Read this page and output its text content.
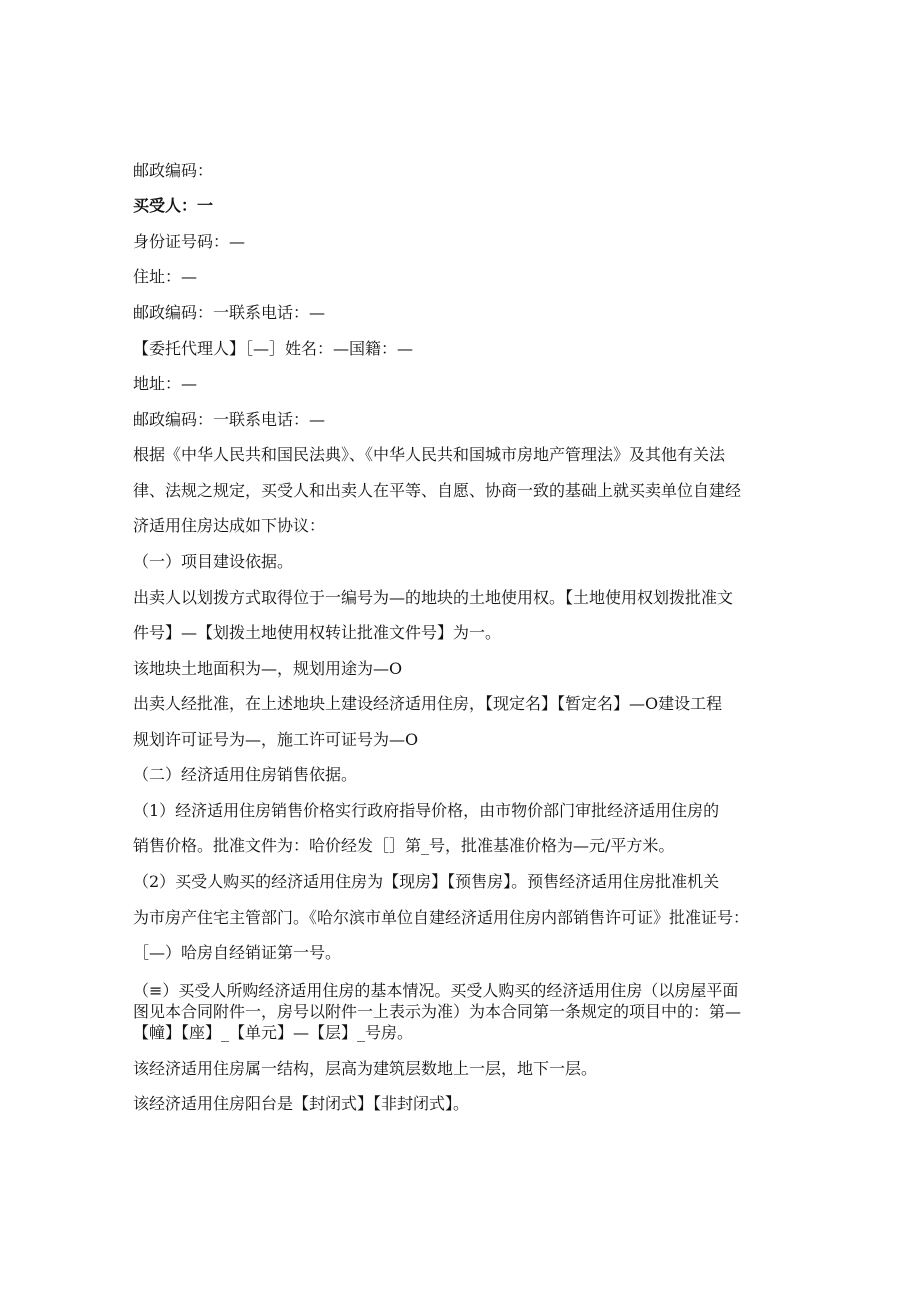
邮政编码：
买受人：一
身份证号码：—
住址：—
邮政编码：一联系电话：—
【委托代理人】［—］姓名：—国籍：—
地址：—
邮政编码：一联系电话：—
根据《中华人民共和国民法典》、《中华人民共和国城市房地产管理法》及其他有关法
律、法规之规定，买受人和出卖人在平等、自愿、协商一致的基础上就买卖单位自建经
济适用住房达成如下协议：
（一）项目建设依据。
出卖人以划拨方式取得位于一编号为—的地块的土地使用权。【土地使用权划拨批准文
件号】—【划拨土地使用权转让批准文件号】为一。
该地块土地面积为—，规划用途为—O
出卖人经批准，在上述地块上建设经济适用住房，【现定名】【暂定名】—O建设工程
规划许可证号为—，施工许可证号为—O
（二）经济适用住房销售依据。
（1）经济适用住房销售价格实行政府指导价格，由市物价部门审批经济适用住房的
销售价格。批准文件为：哈价经发［］第_号，批准基准价格为—元/平方米。
（2）买受人购买的经济适用住房为【现房】【预售房】。预售经济适用住房批准机关
为市房产住宅主管部门。《哈尔滨市单位自建经济适用住房内部销售许可证》批准证号：
［—）哈房自经销证第一号。
（≡）买受人所购经济适用住房的基本情况。买受人购买的经济适用住房（以房屋平面
图见本合同附件一，房号以附件一上表示为准）为本合同第一条规定的项目中的：第—
【幢】【座】_【单元】—【层】_号房。
该经济适用住房属一结构，层高为建筑层数地上一层，地下一层。
该经济适用住房阳台是【封闭式】【非封闭式】。
